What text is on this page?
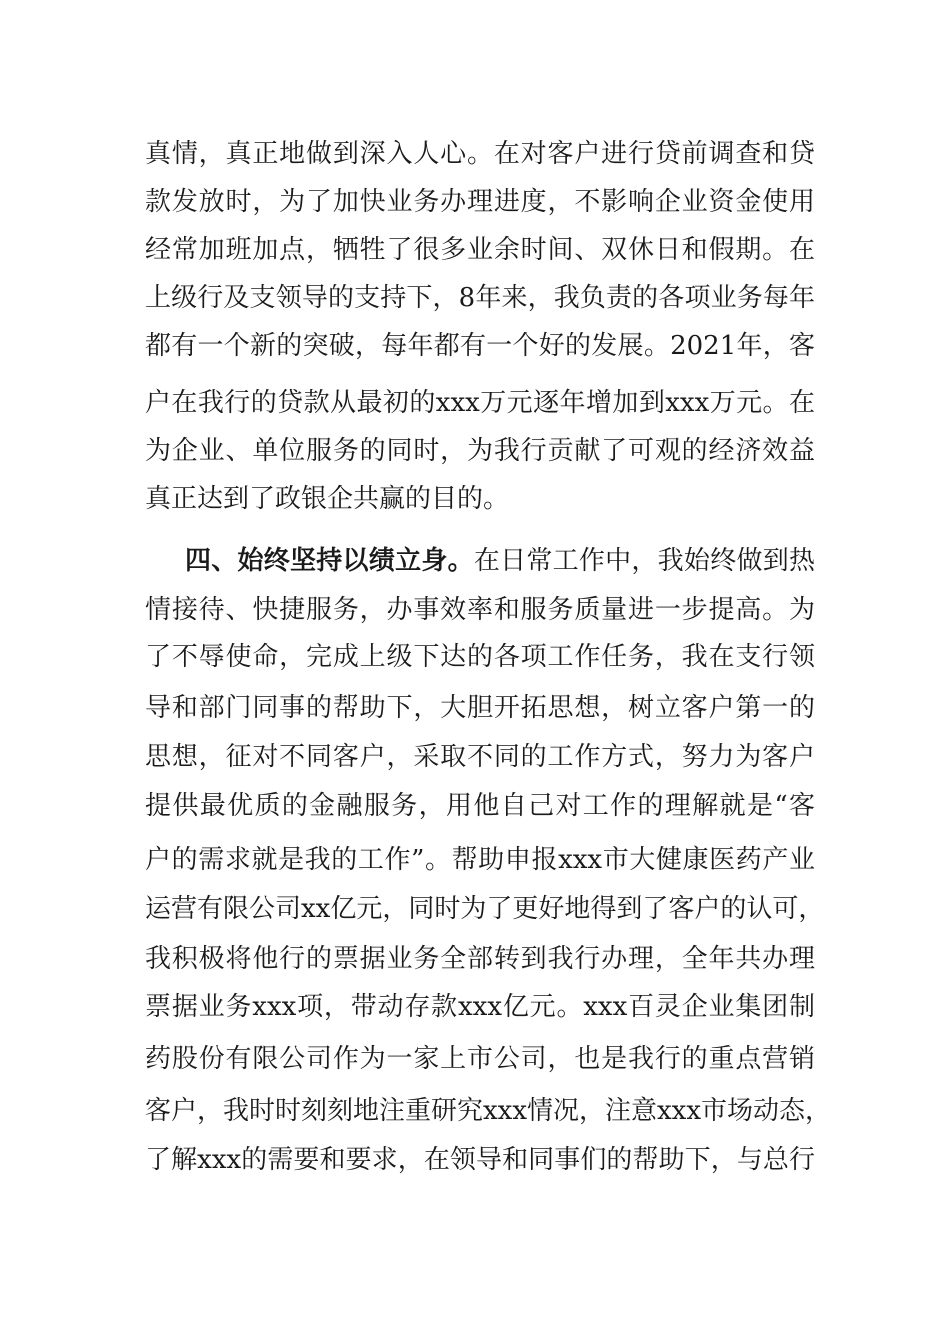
真情，真正地做到深入人心。在对客户进行贷前调查和贷
款发放时，为了加快业务办理进度，不影响企业资金使用
经常加班加点，牺牲了很多业余时间、双休日和假期。在
上级行及支领导的支持下，8年来，我负责的各项业务每年
都有一个新的突破，每年都有一个好的发展。2021年，客
户在我行的贷款从最初的xxx万元逐年增加到xxx万元。在
为企业、单位服务的同时，为我行贡献了可观的经济效益
真正达到了政银企共赢的目的。
四、始终坚持以绩立身。在日常工作中，我始终做到热
情接待、快捷服务，办事效率和服务质量进一步提高。为
了不辱使命，完成上级下达的各项工作任务，我在支行领
导和部门同事的帮助下，大胆开拓思想，树立客户第一的
思想，征对不同客户，采取不同的工作方式，努力为客户
提供最优质的金融服务，用他自己对工作的理解就是“客
户的需求就是我的工作”。帮助申报xxx市大健康医药产业
运营有限公司xx亿元，同时为了更好地得到了客户的认可，
我积极将他行的票据业务全部转到我行办理，全年共办理
票据业务xxx项，带动存款xxx亿元。xxx百灵企业集团制
药股份有限公司作为一家上市公司，也是我行的重点营销
客户，我时时刻刻地注重研究xxx情况，注意xxx市场动态，
了解xxx的需要和要求，在领导和同事们的帮助下，与总行
